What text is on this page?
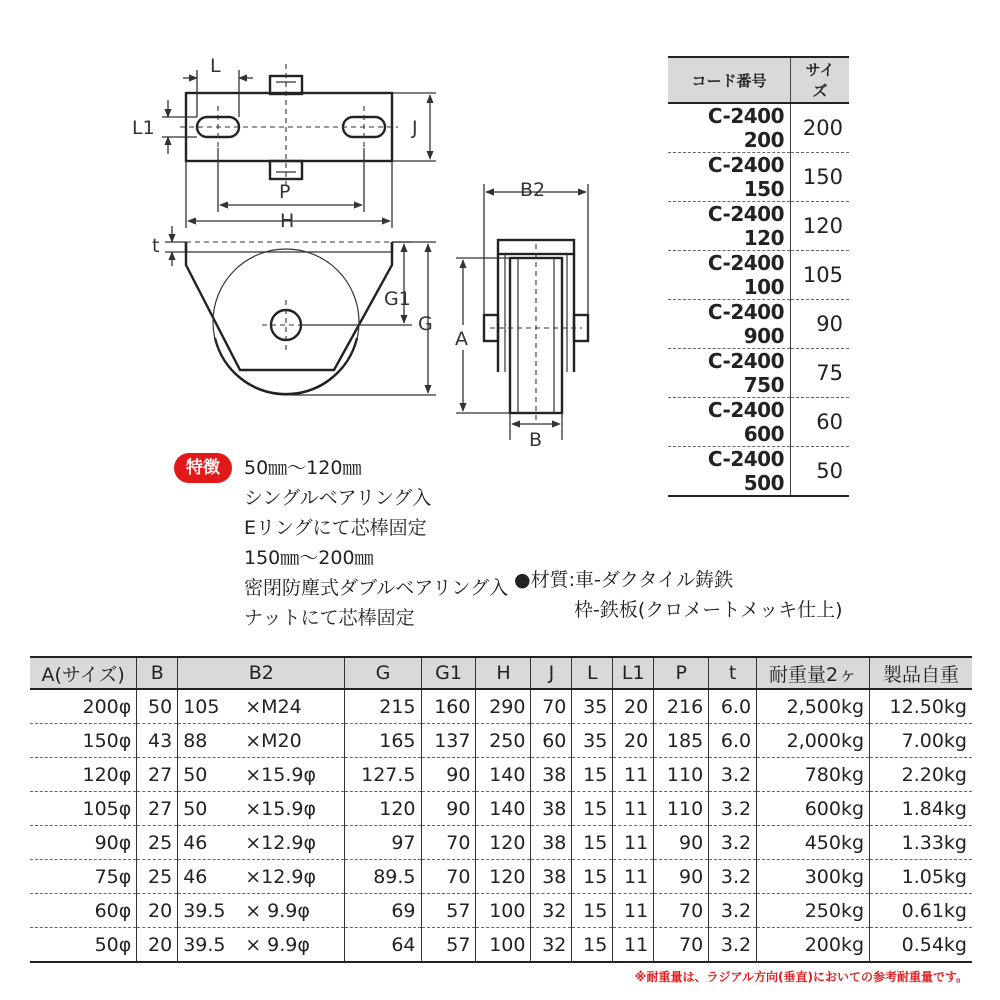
L
L1	J
P
H
t
G1
G
B2
A
B
コード番号	サイズ
C-2400 200	200
C-2400 150	150
C-2400 120	120
C-2400 100	105
C-2400 900	90
C-2400 750	75
C-2400 600	60
C-2400 500	50
特徴	50㎜～120㎜
シングルベアリング入
Eリングにて芯棒固定
150㎜～200㎜
密閉防塵式ダブルベアリング入
ナットにて芯棒固定
●材質:車-ダクタイル鋳鉄
枠-鉄板(クロメートメッキ仕上)
A(サイズ)	B	B2	G	G1	H	J	L	L1	P	t	耐重量2ヶ	製品自重
200φ	50	105 ×M24	215	160	290	70	35	20	216	6.0	2,500kg	12.50kg
150φ	43	88 ×M20	165	137	250	60	35	20	185	6.0	2,000kg	7.00kg
120φ	27	50 ×15.9φ	127.5	90	140	38	15	11	110	3.2	780kg	2.20kg
105φ	27	50 ×15.9φ	120	90	140	38	15	11	110	3.2	600kg	1.84kg
90φ	25	46 ×12.9φ	97	70	120	38	15	11	90	3.2	450kg	1.33kg
75φ	25	46 ×12.9φ	89.5	70	120	38	15	11	90	3.2	300kg	1.05kg
60φ	20	39.5 × 9.9φ	69	57	100	32	15	11	70	3.2	250kg	0.61kg
50φ	20	39.5 × 9.9φ	64	57	100	32	15	11	70	3.2	200kg	0.54kg
※耐重量は、ラジアル方向(垂直)においての参考耐重量です。
